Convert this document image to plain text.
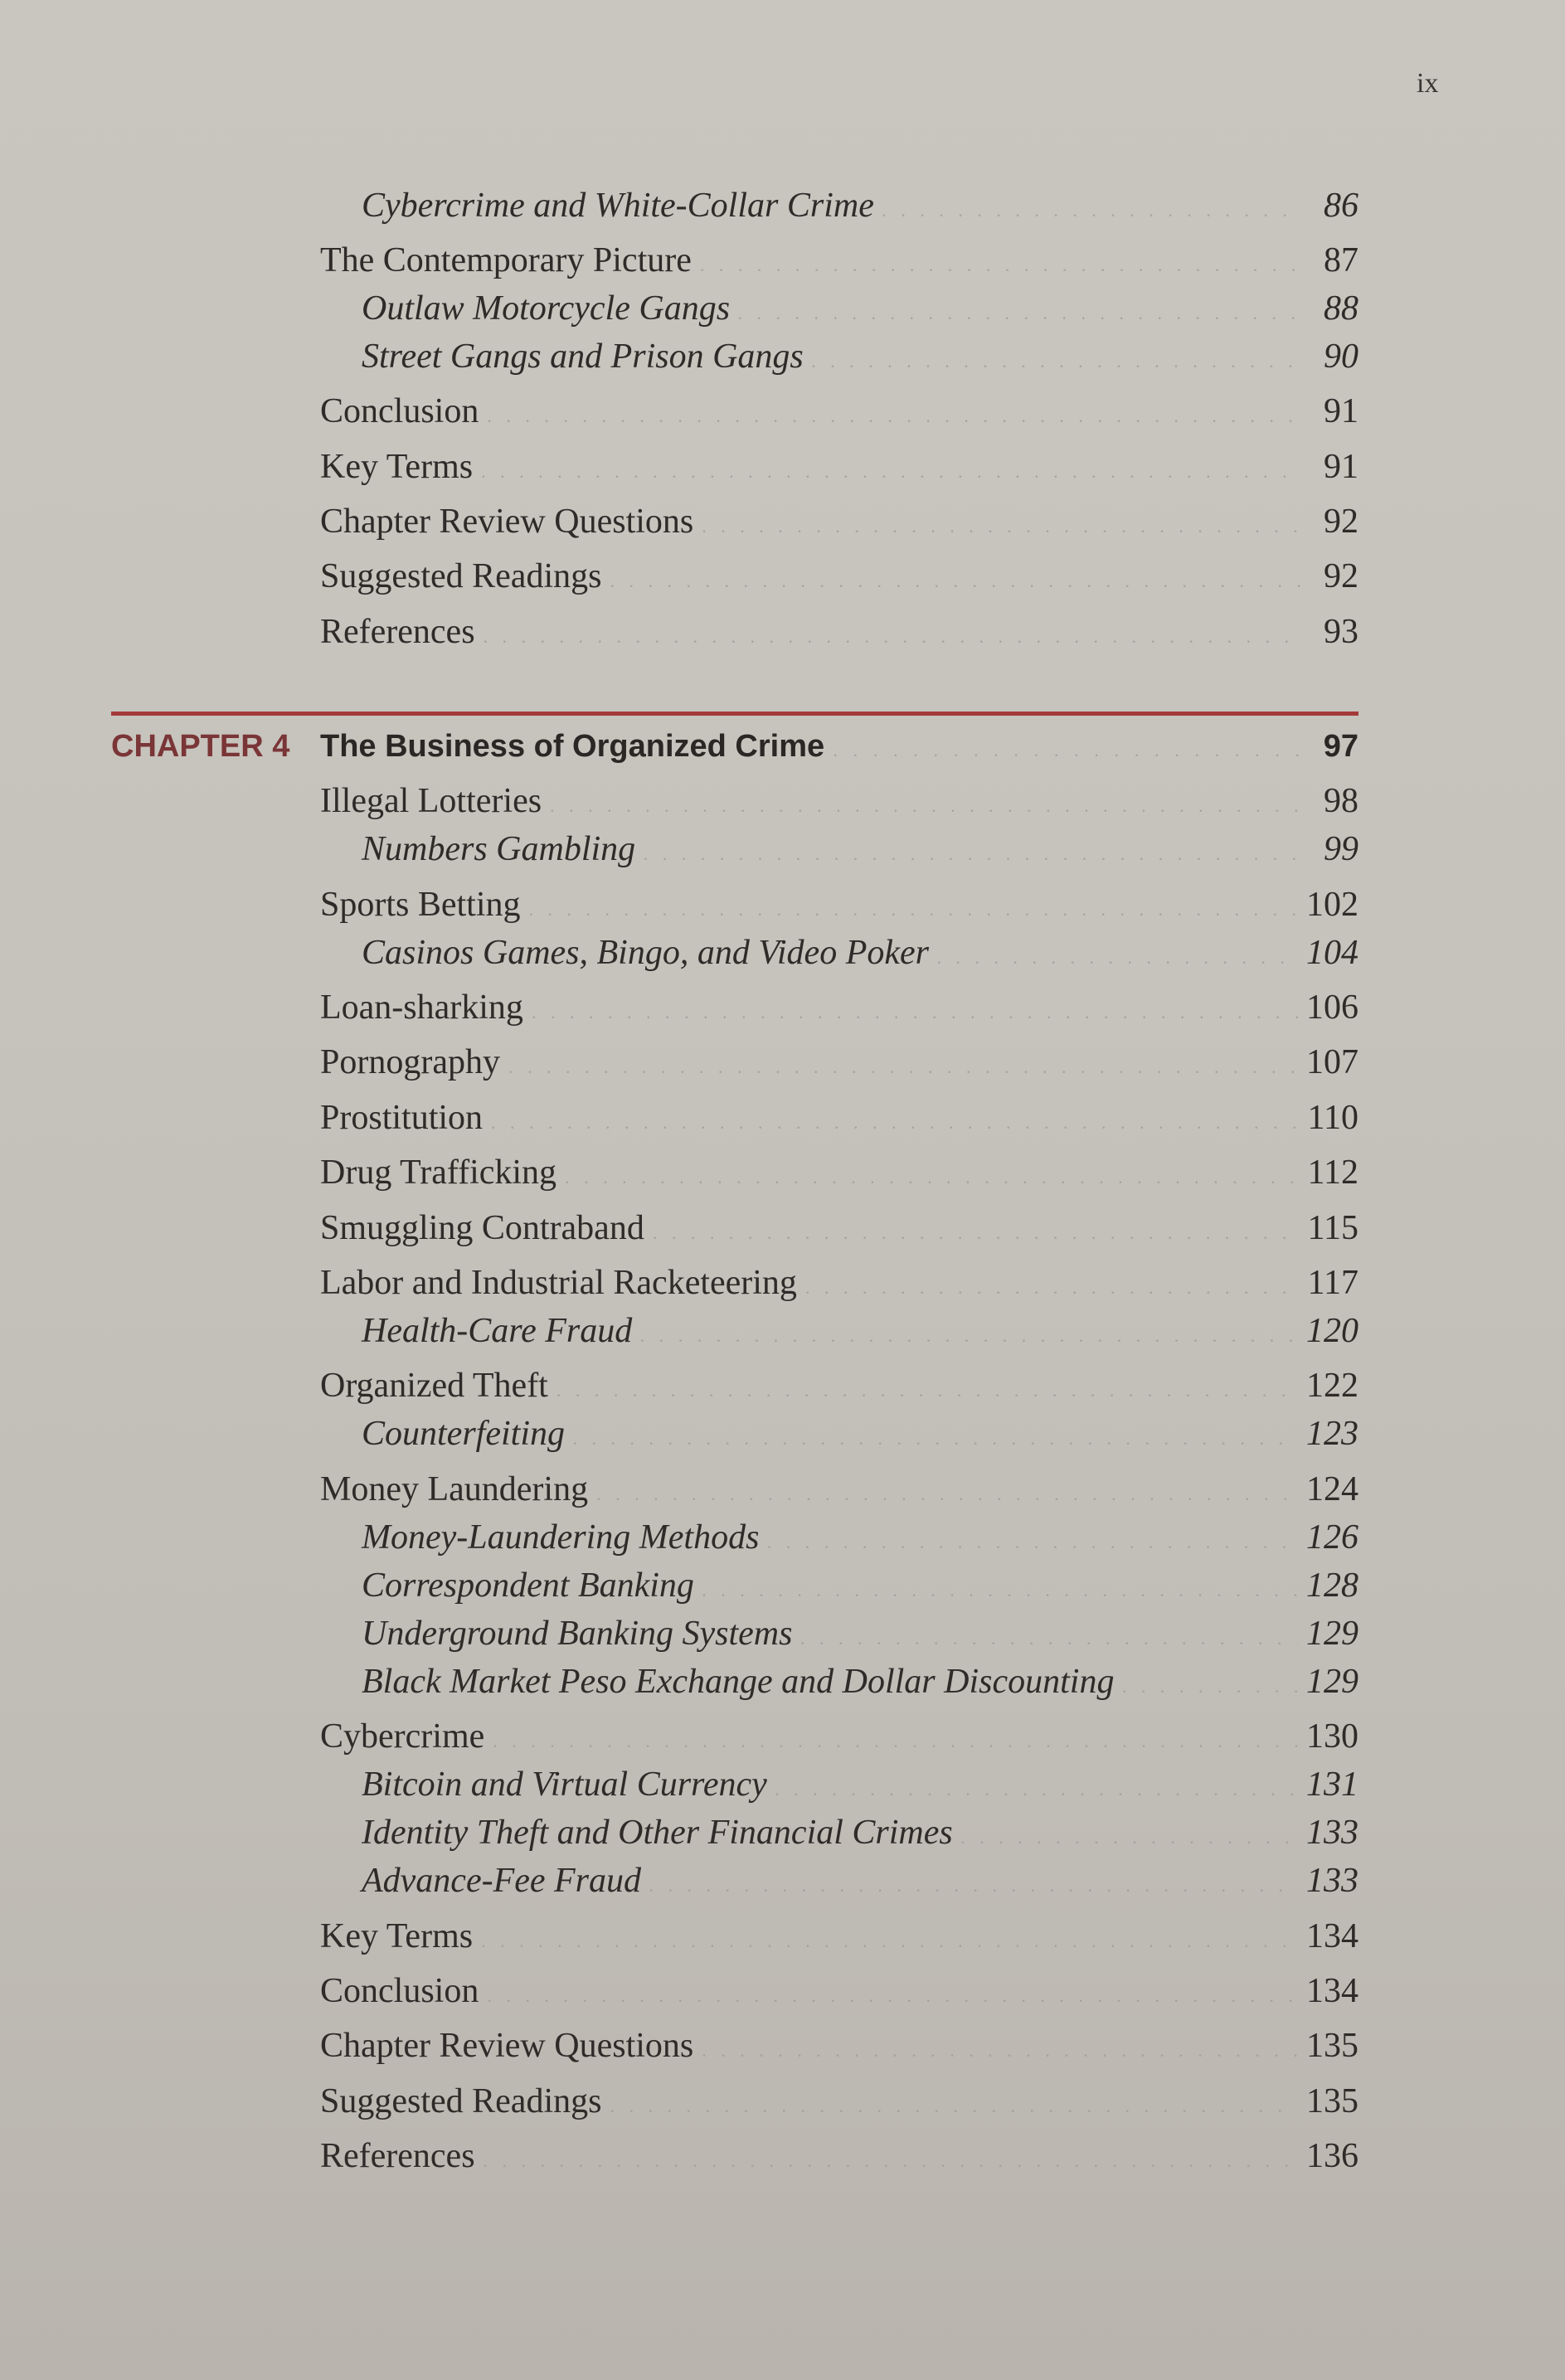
ix
Cybercrime and White-Collar Crime . . .	86
The Contemporary Picture . . .	87
Outlaw Motorcycle Gangs . . .	88
Street Gangs and Prison Gangs . . .	90
Conclusion . . .	91
Key Terms . . .	91
Chapter Review Questions . . .	92
Suggested Readings . . .	92
References . . .	93
CHAPTER 4 The Business of Organized Crime . . .	97
Illegal Lotteries . . .	98
Numbers Gambling . . .	99
Sports Betting . . .	102
Casinos Games, Bingo, and Video Poker . . .	104
Loan-sharking . . .	106
Pornography . . .	107
Prostitution . . .	110
Drug Trafficking . . .	112
Smuggling Contraband . . .	115
Labor and Industrial Racketeering . . .	117
Health-Care Fraud . . .	120
Organized Theft . . .	122
Counterfeiting . . .	123
Money Laundering . . .	124
Money-Laundering Methods . . .	126
Correspondent Banking . . .	128
Underground Banking Systems . . .	129
Black Market Peso Exchange and Dollar Discounting . . .	129
Cybercrime . . .	130
Bitcoin and Virtual Currency . . .	131
Identity Theft and Other Financial Crimes . . .	133
Advance-Fee Fraud . . .	133
Key Terms . . .	134
Conclusion . . .	134
Chapter Review Questions . . .	135
Suggested Readings . . .	135
References . . .	136
